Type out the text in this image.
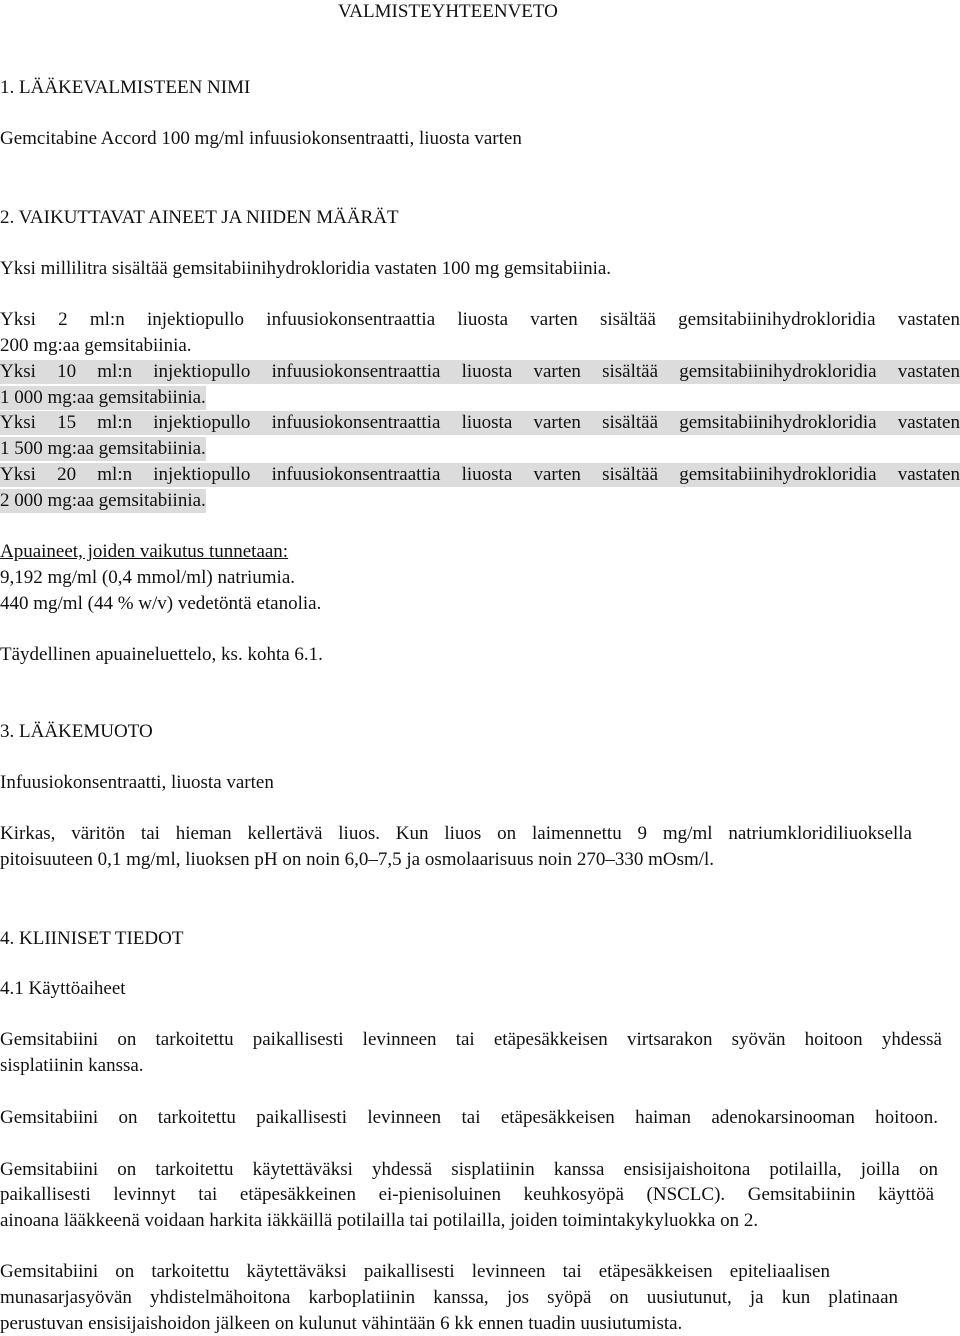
VALMISTEYHTEENVETO
1. LÄÄKEVALMISTEEN NIMI
Gemcitabine Accord 100 mg/ml infuusiokonsentraatti, liuosta varten
2. VAIKUTTAVAT AINEET JA NIIDEN MÄÄRÄT
Yksi millilitra sisältää gemsitabiinihydrokloridia vastaten 100 mg gemsitabiinia.
Yksi 2 ml:n injektiopullo infuusiokonsentraattia liuosta varten sisältää gemsitabiinihydrokloridia vastaten
200 mg:aa gemsitabiinia.
Yksi 10 ml:n injektiopullo infuusiokonsentraattia liuosta varten sisältää gemsitabiinihydrokloridia vastaten
1 000 mg:aa gemsitabiinia.
Yksi 15 ml:n injektiopullo infuusiokonsentraattia liuosta varten sisältää gemsitabiinihydrokloridia vastaten
1 500 mg:aa gemsitabiinia.
Yksi 20 ml:n injektiopullo infuusiokonsentraattia liuosta varten sisältää gemsitabiinihydrokloridia vastaten
2 000 mg:aa gemsitabiinia.
Apuaineet, joiden vaikutus tunnetaan:
9,192 mg/ml (0,4 mmol/ml) natriumia.
440 mg/ml (44 % w/v) vedetöntä etanolia.
Täydellinen apuaineluettelo, ks. kohta 6.1.
3. LÄÄKEMUOTO
Infuusiokonsentraatti, liuosta varten
Kirkas, väritön tai hieman kellertävä liuos. Kun liuos on laimennettu 9 mg/ml natriumkloridiliuoksella
pitoisuuteen 0,1 mg/ml, liuoksen pH on noin 6,0–7,5 ja osmolaarisuus noin 270–330 mOsm/l.
4. KLIINISET TIEDOT
4.1 Käyttöaiheet
Gemsitabiini on tarkoitettu paikallisesti levinneen tai etäpesäkkeisen virtsarakon syövän hoitoon yhdessä
sisplatiinin kanssa.
Gemsitabiini on tarkoitettu paikallisesti levinneen tai etäpesäkkeisen haiman adenokarsinooman hoitoon.
Gemsitabiini on tarkoitettu käytettäväksi yhdessä sisplatiinin kanssa ensisijaishoitona potilailla, joilla on
paikallisesti levinnyt tai etäpesäkkeinen ei-pienisoluinen keuhkosyöpä (NSCLC). Gemsitabiinin käyttöä
ainoana lääkkeenä voidaan harkita iäkkäillä potilailla tai potilailla, joiden toimintakykyluokka on 2.
Gemsitabiini on tarkoitettu käytettäväksi paikallisesti levinneen tai etäpesäkkeisen epiteliaalisen
munasarjasyövän yhdistelmähoitona karboplatiinin kanssa, jos syöpä on uusiutunut, ja kun platinaan
perustuvan ensisijaishoidon jälkeen on kulunut vähintään 6 kk ennen tuadin uusiutumista.
